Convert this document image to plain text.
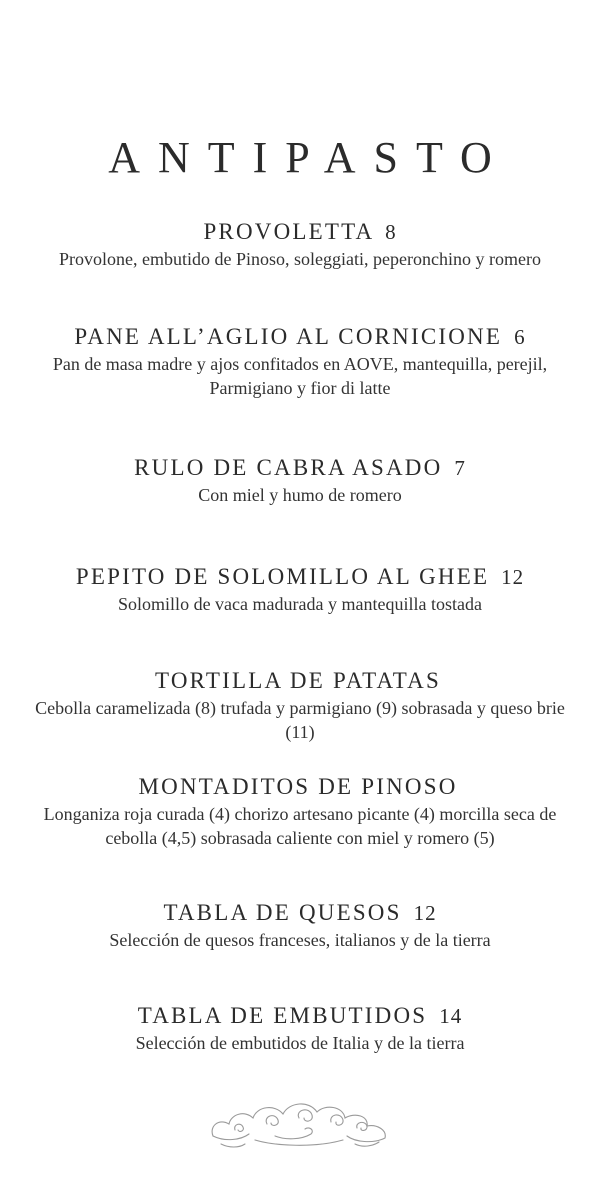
ANTIPASTO
PROVOLETTA 8
Provolone, embutido de Pinoso, soleggiati, peperonchino y romero
PANE ALL’AGLIO AL CORNICIONE 6
Pan de masa madre y ajos confitados en AOVE, mantequilla, perejil, Parmigiano y fior di latte
RULO DE CABRA ASADO 7
Con miel y humo de romero
PEPITO DE SOLOMILLO AL GHEE 12
Solomillo de vaca madurada y mantequilla tostada
TORTILLA DE PATATAS
Cebolla caramelizada (8) trufada y parmigiano (9) sobrasada y queso brie (11)
MONTADITOS DE PINOSO
Longaniza roja curada (4) chorizo artesano picante (4) morcilla seca de cebolla (4,5) sobrasada caliente con miel y romero (5)
TABLA DE QUESOS 12
Selección de quesos franceses, italianos y de la tierra
TABLA DE EMBUTIDOS 14
Selección de embutidos de Italia y de la tierra
